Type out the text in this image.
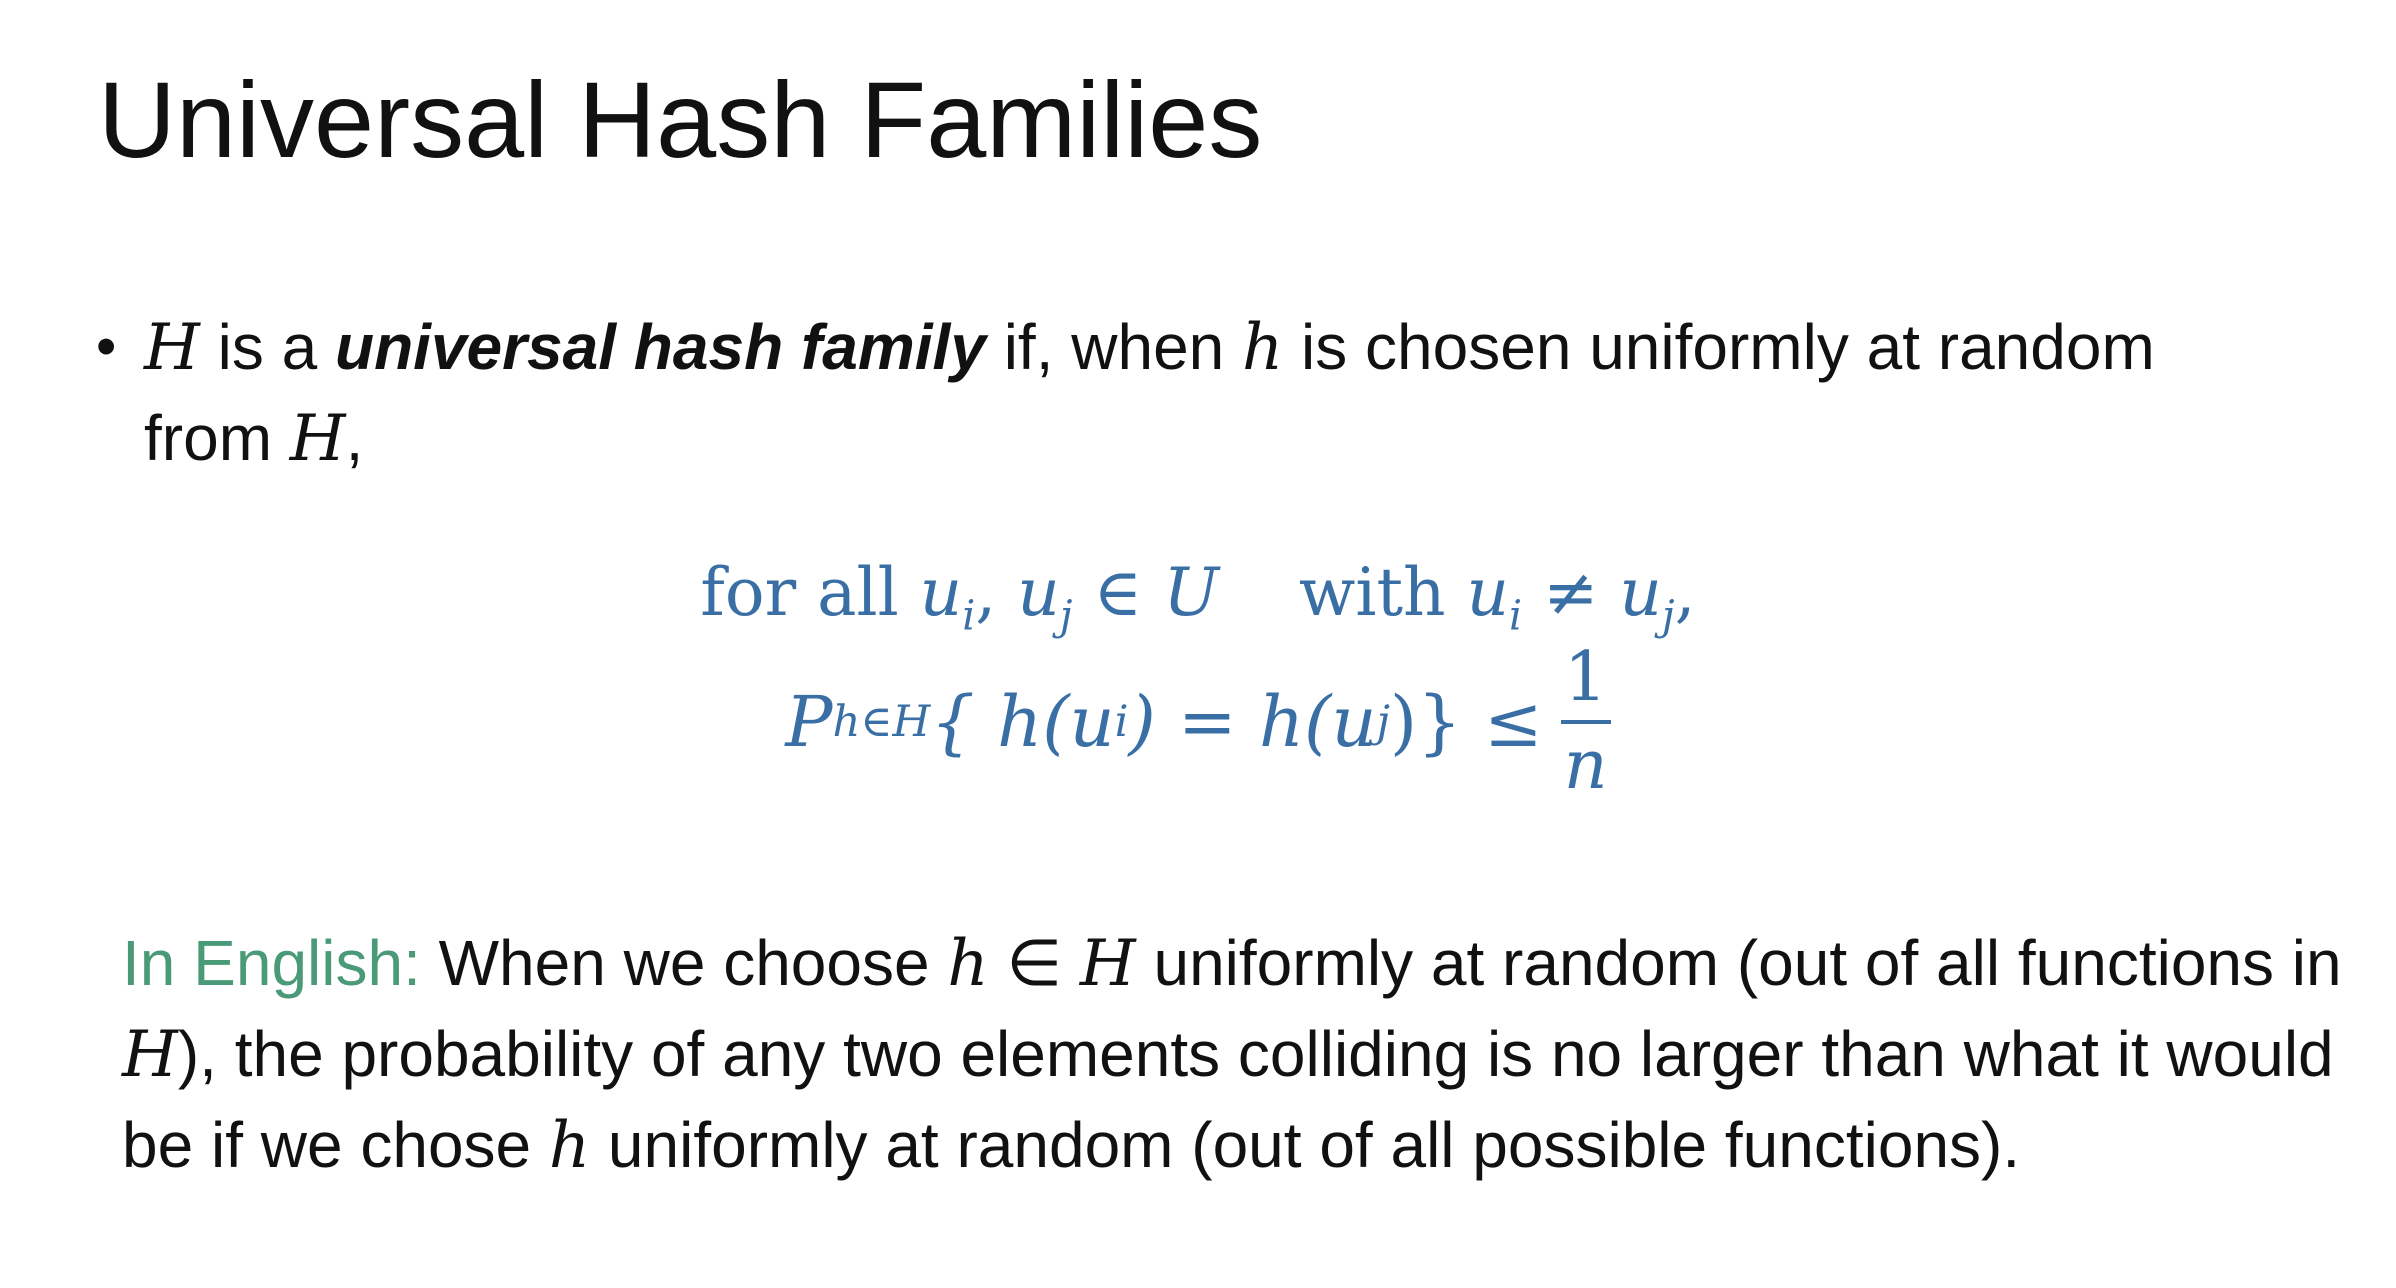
Universal Hash Families
• H is a universal hash family if, when h is chosen uniformly at random
from H,
for all $u_i$, $u_j$ ∈ U with $u_i \ne u_j$,
P h∈H { h(u i ) = h(u j )} ≤ $\frac{1}{n}$
In English: When we choose h ∈ H uniformly at random (out of all functions in H), the probability of any two elements colliding is no larger than what it would be if we chose h uniformly at random (out of all possible functions).
